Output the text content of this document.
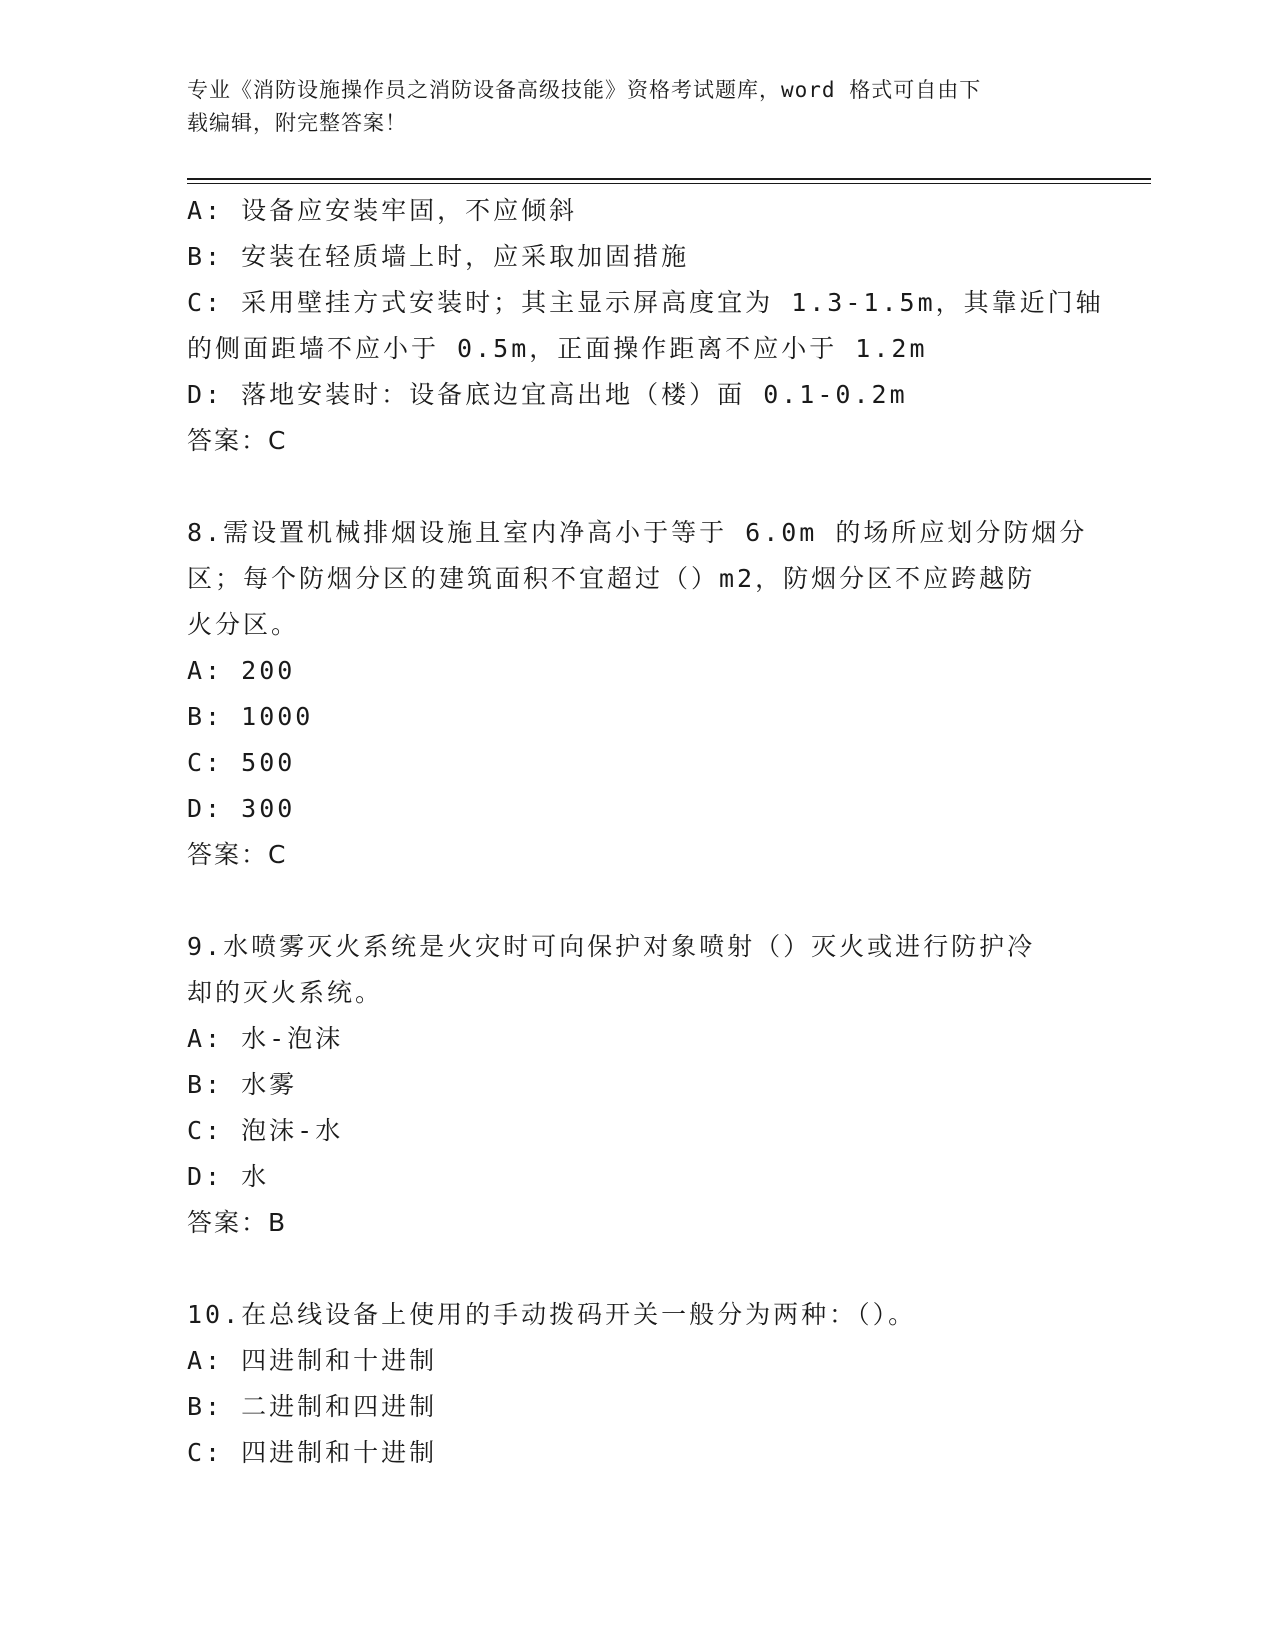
专业《消防设施操作员之消防设备高级技能》资格考试题库，word 格式可自由下
载编辑，附完整答案！
A: 设备应安装牢固，不应倾斜
B: 安装在轻质墙上时，应采取加固措施
C: 采用壁挂方式安装时；其主显示屏高度宜为 1.3-1.5m，其靠近门轴
的侧面距墙不应小于 0.5m，正面操作距离不应小于 1.2m
D: 落地安装时：设备底边宜高出地（楼）面 0.1-0.2m
答案：C
8.需设置机械排烟设施且室内净高小于等于 6.0m 的场所应划分防烟分
区；每个防烟分区的建筑面积不宜超过（）m2，防烟分区不应跨越防
火分区。
A: 200
B: 1000
C: 500
D: 300
答案：C
9.水喷雾灭火系统是火灾时可向保护对象喷射（）灭火或进行防护冷
却的灭火系统。
A: 水-泡沫
B: 水雾
C: 泡沫-水
D: 水
答案：B
10.在总线设备上使用的手动拨码开关一般分为两种：（）。
A: 四进制和十进制
B: 二进制和四进制
C: 四进制和十进制
